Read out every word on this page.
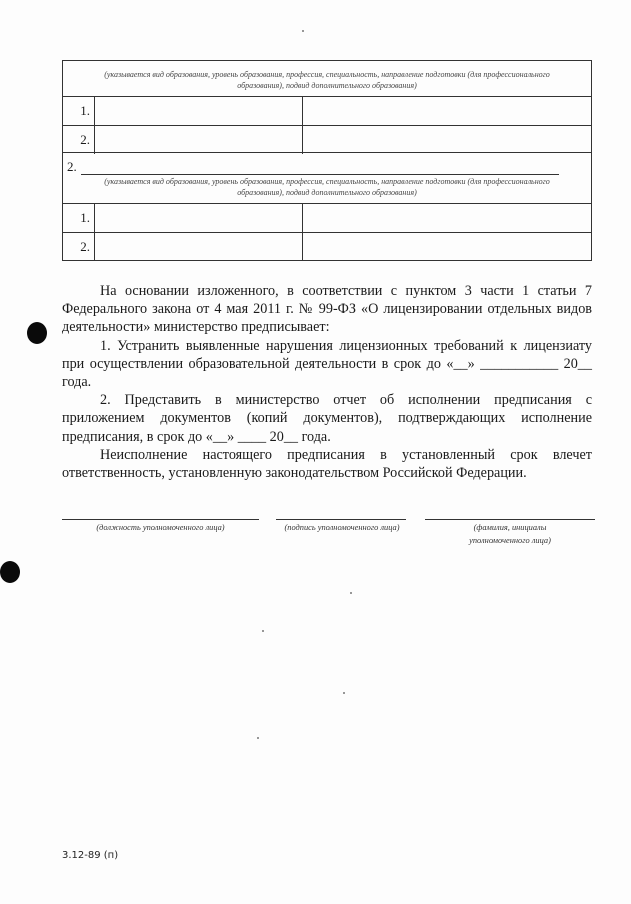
(указывается вид образования, уровень образования, профессия, специальность, направление подготовки (для профессионального образования), подвид дополнительного образования)
1.
2.
2.
(указывается вид образования, уровень образования, профессия, специальность, направление подготовки (для профессионального образования), подвид дополнительного образования)
1.
2.

На основании изложенного, в соответствии с пунктом 3 части 1 статьи 7 Федерального закона от 4 мая 2011 г. № 99-ФЗ «О лицензировании отдельных видов деятельности» министерство предписывает:

1. Устранить выявленные нарушения лицензионных требований к лицензиату при осуществлении образовательной деятельности в срок до «__» ___________ 20__ года.

2. Представить в министерство отчет об исполнении предписания с приложением документов (копий документов), подтверждающих исполнение предписания, в срок до «__» ____ 20__ года.

Неисполнение настоящего предписания в установленный срок влечет ответственность, установленную законодательством Российской Федерации.

(должность уполномоченного лица)	(подпись уполномоченного лица)	(фамилия, инициалы уполномоченного лица)
3.12-89 (п)
